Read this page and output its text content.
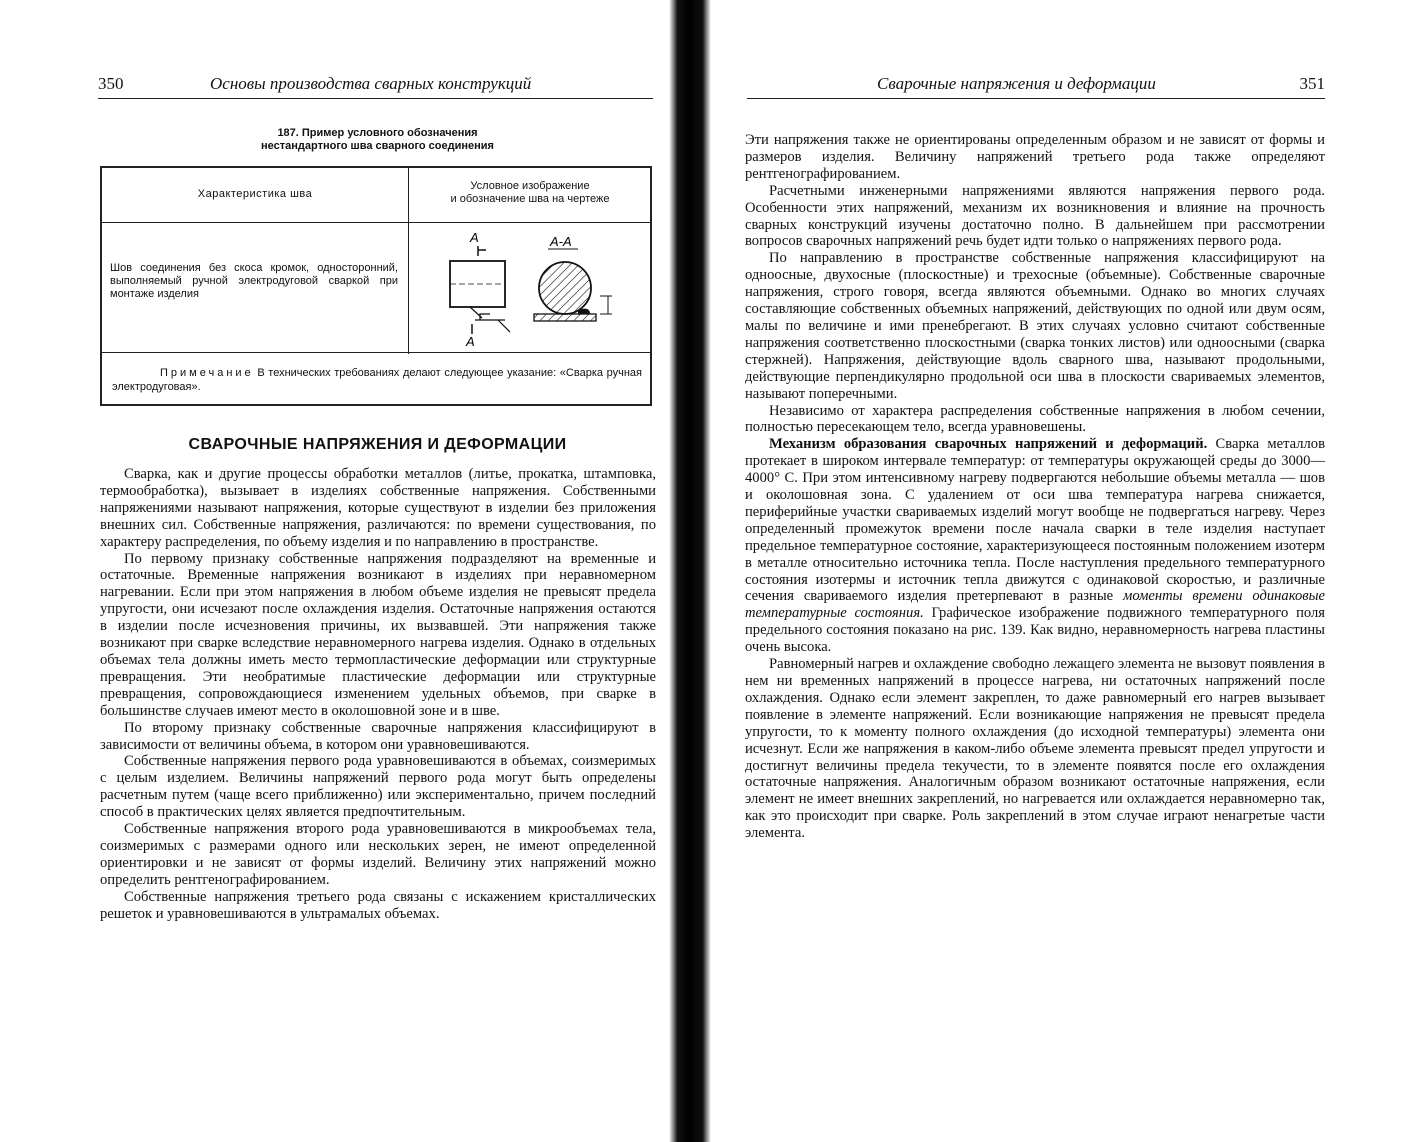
350	Основы производства сварных конструкций
187. Пример условного обозначения
нестандартного шва сварного соединения
Характеристика шва
Условное изображение
и обозначение шва на чертеже
Шов соединения без скоса кромок, односторонний, выполняемый ручной электродуговой сваркой при монтаже изделия
А
А
А-А
Примечание В технических требованиях делают следующее указание: «Сварка ручная электродуговая».
СВАРОЧНЫЕ НАПРЯЖЕНИЯ И ДЕФОРМАЦИИ

Сварка, как и другие процессы обработки металлов (литье, прокатка, штамповка, термообработка), вызывает в изделиях собственные напряжения. Собственными напряжениями называют напряжения, которые существуют в изделии без приложения внешних сил. Собственные напряжения, различаются: по времени существования, по характеру распределения, по объему изделия и по направлению в пространстве.

По первому признаку собственные напряжения подразделяют на временные и остаточные. Временные напряжения возникают в изделиях при неравномерном нагревании. Если при этом напряжения в любом объеме изделия не превысят предела упругости, они исчезают после охлаждения изделия. Остаточные напряжения остаются в изделии после исчезновения причины, их вызвавшей. Эти напряжения также возникают при сварке вследствие неравномерного нагрева изделия. Однако в отдельных объемах тела должны иметь место термопластические деформации или структурные превращения. Эти необратимые пластические деформации или структурные превращения, сопровождающиеся изменением удельных объемов, при сварке в большинстве случаев имеют место в околошовной зоне и в шве.

По второму признаку собственные сварочные напряжения классифицируют в зависимости от величины объема, в котором они уравновешиваются.

Собственные напряжения первого рода уравновешиваются в объемах, соизмеримых с целым изделием. Величины напряжений первого рода могут быть определены расчетным путем (чаще всего приближенно) или экспериментально, причем последний способ в практических целях является предпочтительным.

Собственные напряжения второго рода уравновешиваются в микрообъемах тела, соизмеримых с размерами одного или нескольких зерен, не имеют определенной ориентировки и не зависят от формы изделий. Величину этих напряжений можно определить рентгенографированием.

Собственные напряжения третьего рода связаны с искажением кристаллических решеток и уравновешиваются в ультрамалых объемах.

Сварочные напряжения и деформации	351

Эти напряжения также не ориентированы определенным образом и не зависят от формы и размеров изделия. Величину напряжений третьего рода также определяют рентгенографированием.

Расчетными инженерными напряжениями являются напряжения первого рода. Особенности этих напряжений, механизм их возникновения и влияние на прочность сварных конструкций изучены достаточно полно. В дальнейшем при рассмотрении вопросов сварочных напряжений речь будет идти только о напряжениях первого рода.

По направлению в пространстве собственные напряжения классифицируют на одноосные, двухосные (плоскостные) и трехосные (объемные). Собственные сварочные напряжения, строго говоря, всегда являются объемными. Однако во многих случаях составляющие собственных объемных напряжений, действующих по одной или двум осям, малы по величине и ими пренебрегают. В этих случаях условно считают собственные напряжения соответственно плоскостными (сварка тонких листов) или одноосными (сварка стержней). Напряжения, действующие вдоль сварного шва, называют продольными, действующие перпендикулярно продольной оси шва в плоскости свариваемых элементов, называют поперечными.

Независимо от характера распределения собственные напряжения в любом сечении, полностью пересекающем тело, всегда уравновешены.

Механизм образования сварочных напряжений и деформаций. Сварка металлов протекает в широком интервале температур: от температуры окружающей среды до 3000—4000° С. При этом интенсивному нагреву подвергаются небольшие объемы металла — шов и околошовная зона. С удалением от оси шва температура нагрева снижается, периферийные участки свариваемых изделий могут вообще не подвергаться нагреву. Через определенный промежуток времени после начала сварки в теле изделия наступает предельное температурное состояние, характеризующееся постоянным положением изотерм в металле относительно источника тепла. После наступления предельного температурного состояния изотермы и источник тепла движутся с одинаковой скоростью, и различные сечения свариваемого изделия претерпевают в разные моменты времени одинаковые температурные состояния. Графическое изображение подвижного температурного поля предельного состояния показано на рис. 139. Как видно, неравномерность нагрева пластины очень высока.

Равномерный нагрев и охлаждение свободно лежащего элемента не вызовут появления в нем ни временных напряжений в процессе нагрева, ни остаточных напряжений после охлаждения. Однако если элемент закреплен, то даже равномерный его нагрев вызывает появление в элементе напряжений. Если возникающие напряжения не превысят предела упругости, то к моменту полного охлаждения (до исходной температуры) элемента они исчезнут. Если же напряжения в каком-либо объеме элемента превысят предел упругости и достигнут величины предела текучести, то в элементе появятся после его охлаждения остаточные напряжения. Аналогичным образом возникают остаточные напряжения, если элемент не имеет внешних закреплений, но нагревается или охлаждается неравномерно так, как это происходит при сварке. Роль закреплений в этом случае играют ненагретые части элемента.
